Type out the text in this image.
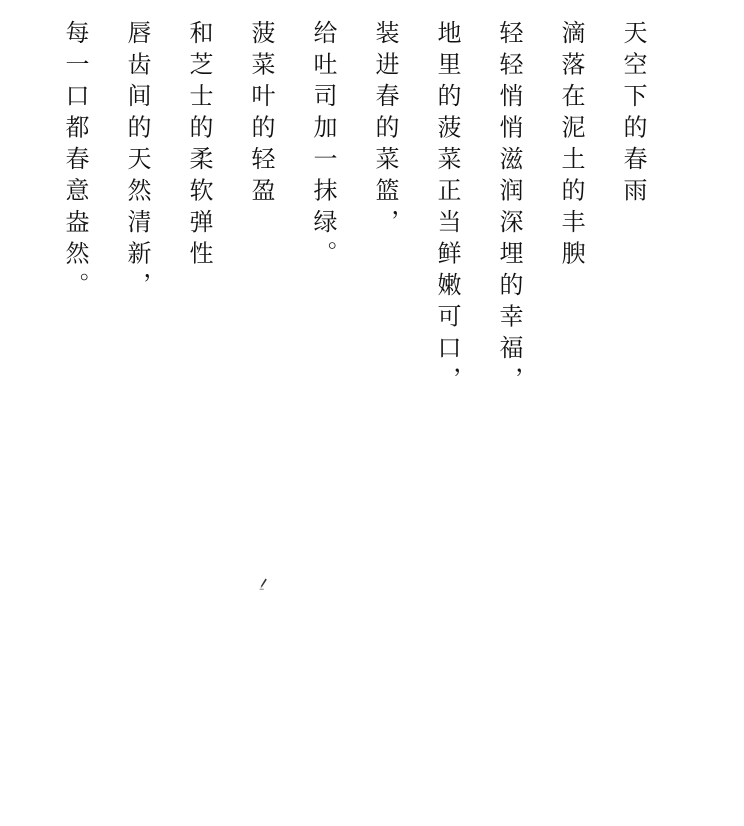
天空下的春雨
滴落在泥土的丰腴
轻轻悄悄滋润深埋的幸福，
地里的菠菜正当鲜嫩可口，
装进春的菜篮，
给吐司加一抹绿。
菠菜叶的轻盈
和芝士的柔软弹性
唇齿间的天然清新，
每一口都春意盎然。
